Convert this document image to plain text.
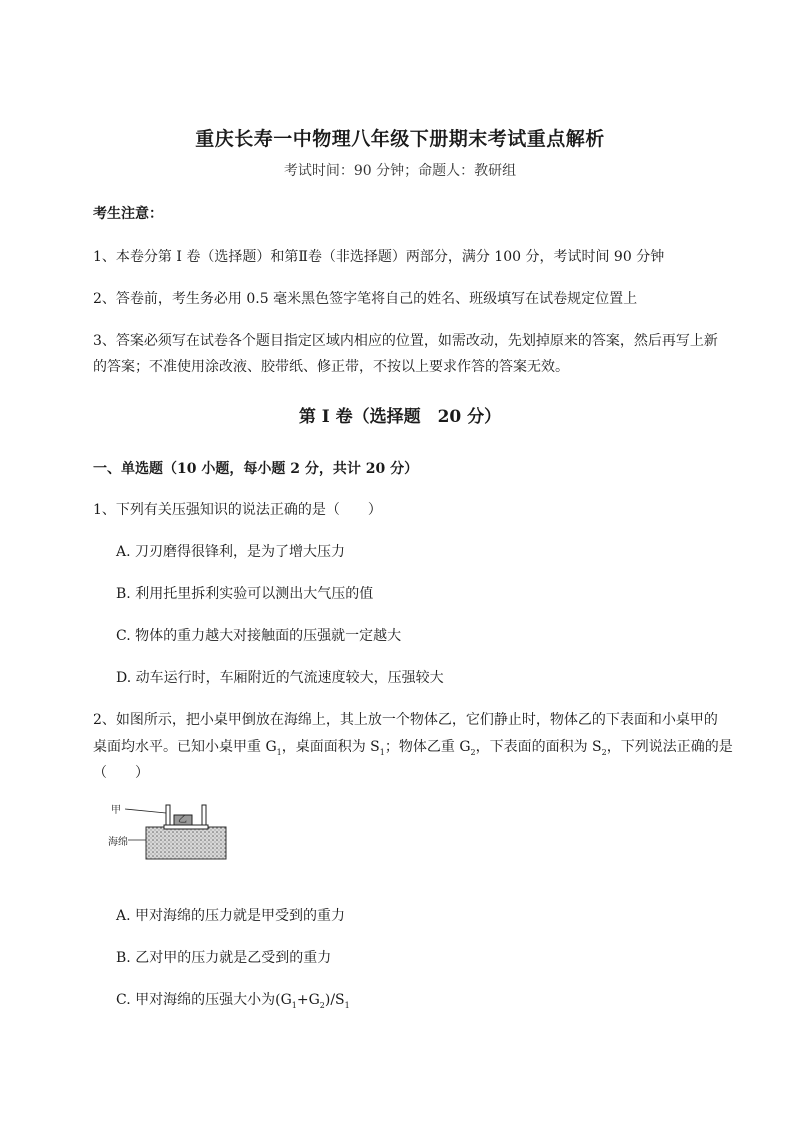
重庆长寿一中物理八年级下册期末考试重点解析
考试时间：90 分钟；命题人：教研组
考生注意：
1、本卷分第 I 卷（选择题）和第Ⅱ卷（非选择题）两部分，满分 100 分，考试时间 90 分钟
2、答卷前，考生务必用 0.5 毫米黑色签字笔将自己的姓名、班级填写在试卷规定位置上
3、答案必须写在试卷各个题目指定区域内相应的位置，如需改动，先划掉原来的答案，然后再写上新
的答案；不准使用涂改液、胶带纸、修正带，不按以上要求作答的答案无效。
第 I 卷（选择题　20 分）
一、单选题（10 小题，每小题 2 分，共计 20 分）
1、下列有关压强知识的说法正确的是（　　）
A. 刀刃磨得很锋利，是为了增大压力
B. 利用托里拆利实验可以测出大气压的值
C. 物体的重力越大对接触面的压强就一定越大
D. 动车运行时，车厢附近的气流速度较大，压强较大
2、如图所示，把小桌甲倒放在海绵上，其上放一个物体乙，它们静止时，物体乙的下表面和小桌甲的
桌面均水平。已知小桌甲重 $G_1$，桌面面积为 $S_1$；物体乙重 $G_2$，下表面的面积为 $S_2$，下列说法正确的是
（　　）
甲
乙
海绵
A. 甲对海绵的压力就是甲受到的重力
B. 乙对甲的压力就是乙受到的重力
C. 甲对海绵的压强大小为$(G_1+G_2)/S_1$
